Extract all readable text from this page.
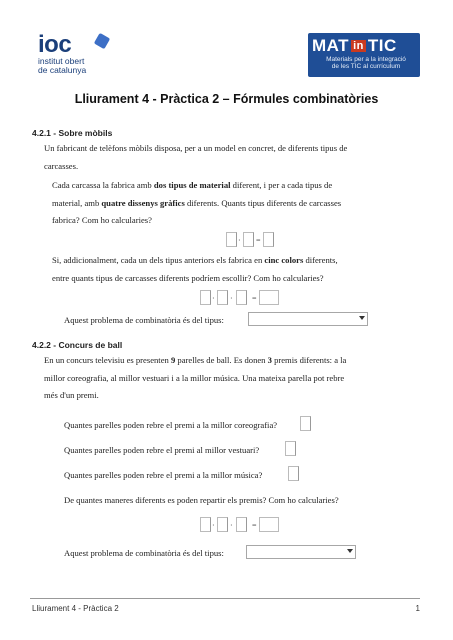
ioc
institut obert
de catalunya
MAT in TIC
Materials per a la integració
de les TIC al currículum
Lliurament 4 - Pràctica 2 – Fórmules combinatòries
4.2.1 - Sobre mòbils
Un fabricant de telèfons mòbils disposa, per a un model en concret, de diferents tipus de
carcasses.
Cada carcassa la fabrica amb dos tipus de material diferent, i per a cada tipus de
material, amb quatre dissenys gràfics diferents. Quants tipus diferents de carcasses
fabrica? Com ho calcularies?
· =
Si, addicionalment, cada un dels tipus anteriors els fabrica en cinc colors diferents,
entre quants tipus de carcasses diferents podríem escollir? Com ho calcularies?
· · =
Aquest problema de combinatòria és del tipus:
4.2.2 - Concurs de ball
En un concurs televisiu es presenten 9 parelles de ball. Es donen 3 premis diferents: a la
millor coreografia, al millor vestuari i a la millor música. Una mateixa parella pot rebre
més d'un premi.
Quantes parelles poden rebre el premi a la millor coreografia?
Quantes parelles poden rebre el premi al millor vestuari?
Quantes parelles poden rebre el premi a la millor música?
De quantes maneres diferents es poden repartir els premis? Com ho calcularies?
· · =
Aquest problema de combinatòria és del tipus:
Lliurament 4 - Pràctica 2	1
